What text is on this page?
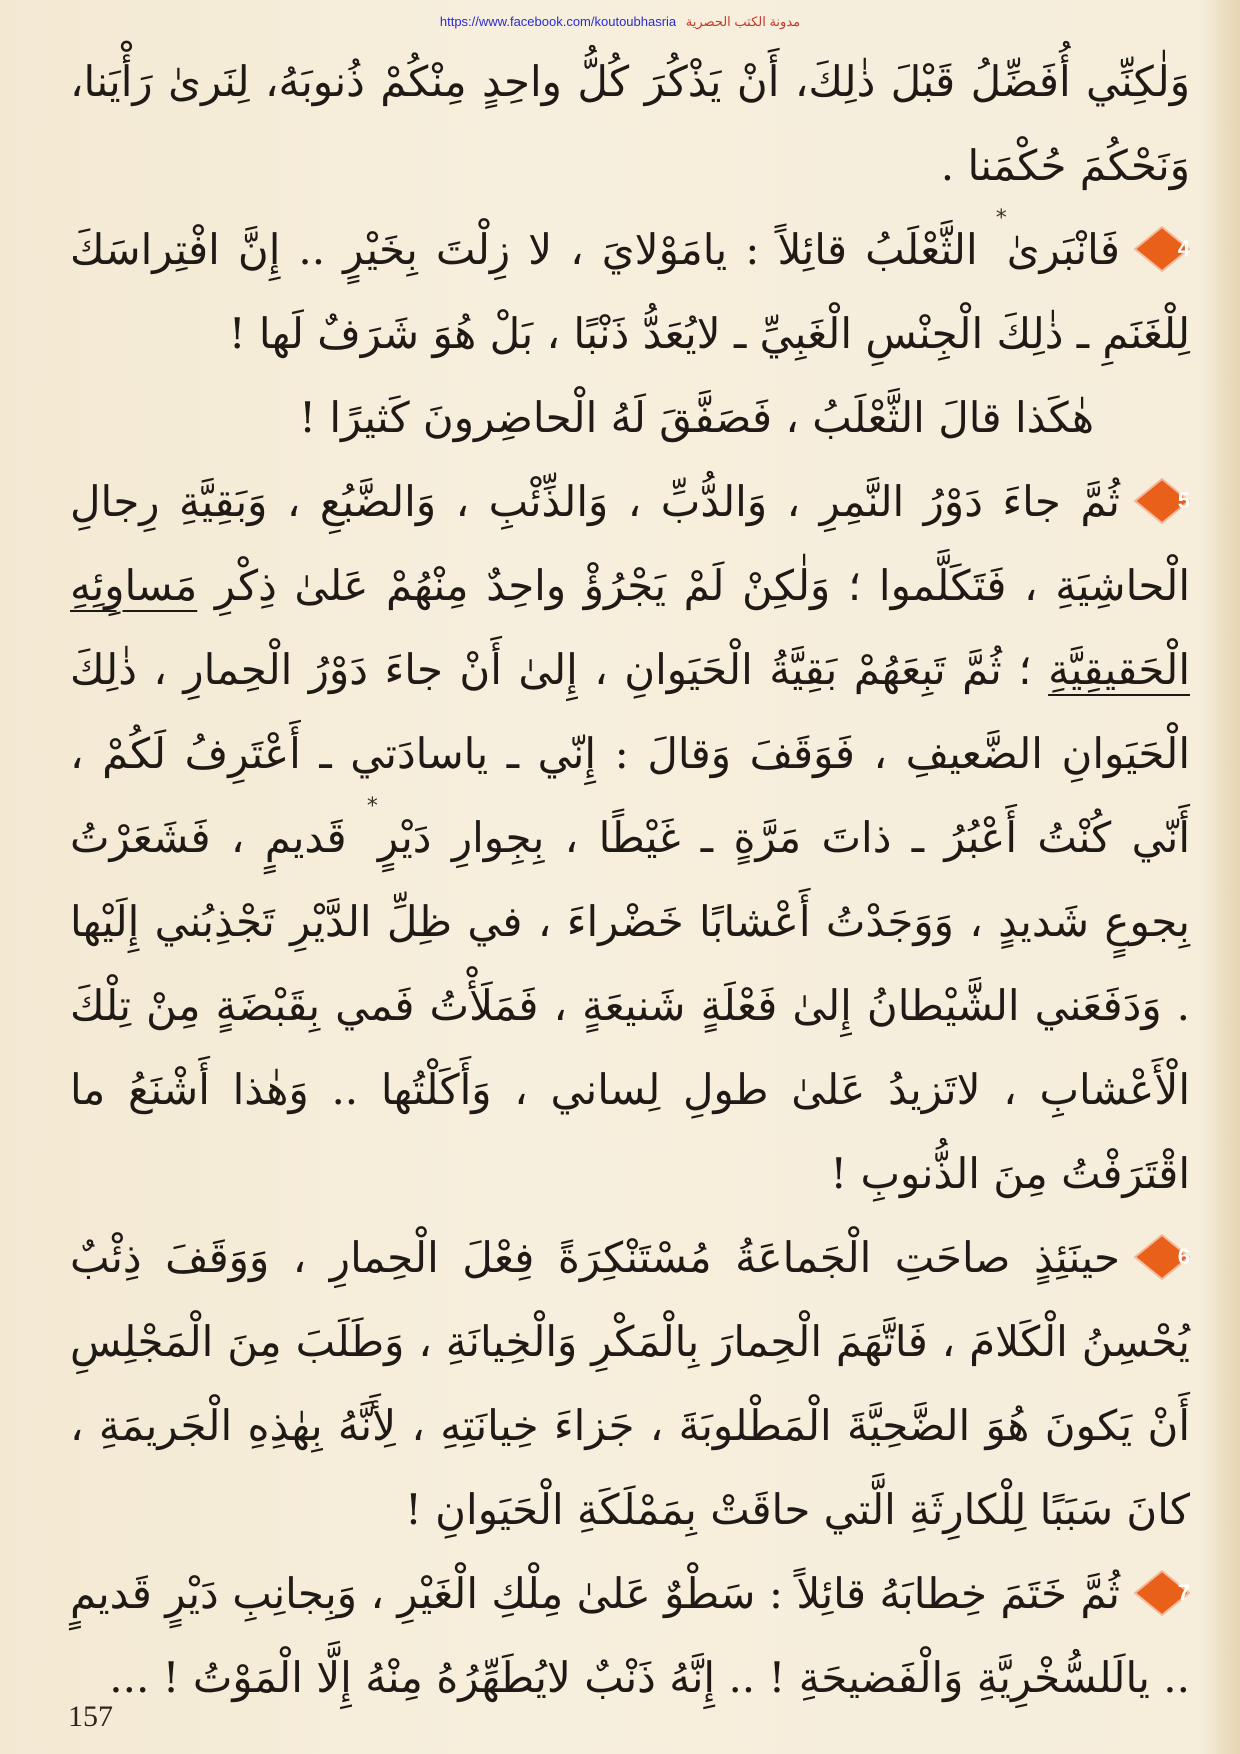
https://www.facebook.com/koutoubhasria مدونة الكتب الحصرية

وَلٰكِنِّي أُفَضِّلُ قَبْلَ ذٰلِكَ، أَنْ يَذْكُرَ كُلُّ واحِدٍ مِنْكُمْ ذُنوبَهُ، لِنَرىٰ رَأْيَنا، وَنَحْكُمَ حُكْمَنا .

4
فَانْبَرىٰ* الثَّعْلَبُ قائِلاً : يامَوْلايَ ، لا زِلْتَ بِخَيْرٍ .. إِنَّ افْتِراسَكَ لِلْغَنَمِ ـ ذٰلِكَ الْجِنْسِ الْغَبِيِّ ـ لايُعَدُّ ذَنْبًا ، بَلْ هُوَ شَرَفٌ لَها !

هٰكَذا قالَ الثَّعْلَبُ ، فَصَفَّقَ لَهُ الْحاضِرونَ كَثيرًا !

5
ثُمَّ جاءَ دَوْرُ النَّمِرِ ، وَالدُّبِّ ، وَالذِّئْبِ ، وَالضَّبُعِ ، وَبَقِيَّةِ رِجالِ الْحاشِيَةِ ، فَتَكَلَّموا ؛ وَلٰكِنْ لَمْ يَجْرُؤْ واحِدٌ مِنْهُمْ عَلىٰ ذِكْرِ مَساوِئِهِ الْحَقيقِيَّةِ ؛ ثُمَّ تَبِعَهُمْ بَقِيَّةُ الْحَيَوانِ ، إِلىٰ أَنْ جاءَ دَوْرُ الْحِمارِ ، ذٰلِكَ الْحَيَوانِ الضَّعيفِ ، فَوَقَفَ وَقالَ : إِنّي ـ ياسادَتي ـ أَعْتَرِفُ لَكُمْ ، أَنّي كُنْتُ أَعْبُرُ ـ ذاتَ مَرَّةٍ ـ غَيْطًا ، بِجِوارِ دَيْرٍ* قَديمٍ ، فَشَعَرْتُ بِجوعٍ شَديدٍ ، وَوَجَدْتُ أَعْشابًا خَضْراءَ ، في ظِلِّ الدَّيْرِ تَجْذِبُني إِلَيْها . وَدَفَعَني الشَّيْطانُ إِلىٰ فَعْلَةٍ شَنيعَةٍ ، فَمَلَأْتُ فَمي بِقَبْضَةٍ مِنْ تِلْكَ الْأَعْشابِ ، لاتَزيدُ عَلىٰ طولِ لِساني ، وَأَكَلْتُها .. وَهٰذا أَشْنَعُ ما اقْتَرَفْتُ مِنَ الذُّنوبِ !

6
حينَئِذٍ صاحَتِ الْجَماعَةُ مُسْتَنْكِرَةً فِعْلَ الْحِمارِ ، وَوَقَفَ ذِئْبٌ يُحْسِنُ الْكَلامَ ، فَاتَّهَمَ الْحِمارَ بِالْمَكْرِ وَالْخِيانَةِ ، وَطَلَبَ مِنَ الْمَجْلِسِ أَنْ يَكونَ هُوَ الضَّحِيَّةَ الْمَطْلوبَةَ ، جَزاءَ خِيانَتِهِ ، لِأَنَّهُ بِهٰذِهِ الْجَريمَةِ ، كانَ سَبَبًا لِلْكارِثَةِ الَّتي حاقَتْ بِمَمْلَكَةِ الْحَيَوانِ !

7
ثُمَّ خَتَمَ خِطابَهُ قائِلاً : سَطْوٌ عَلىٰ مِلْكِ الْغَيْرِ ، وَبِجانِبِ دَيْرٍ قَديمٍ .. يالَلسُّخْرِيَّةِ وَالْفَضيحَةِ ! .. إِنَّهُ ذَنْبٌ لايُطَهِّرُهُ مِنْهُ إِلَّا الْمَوْتُ ! ...

157
